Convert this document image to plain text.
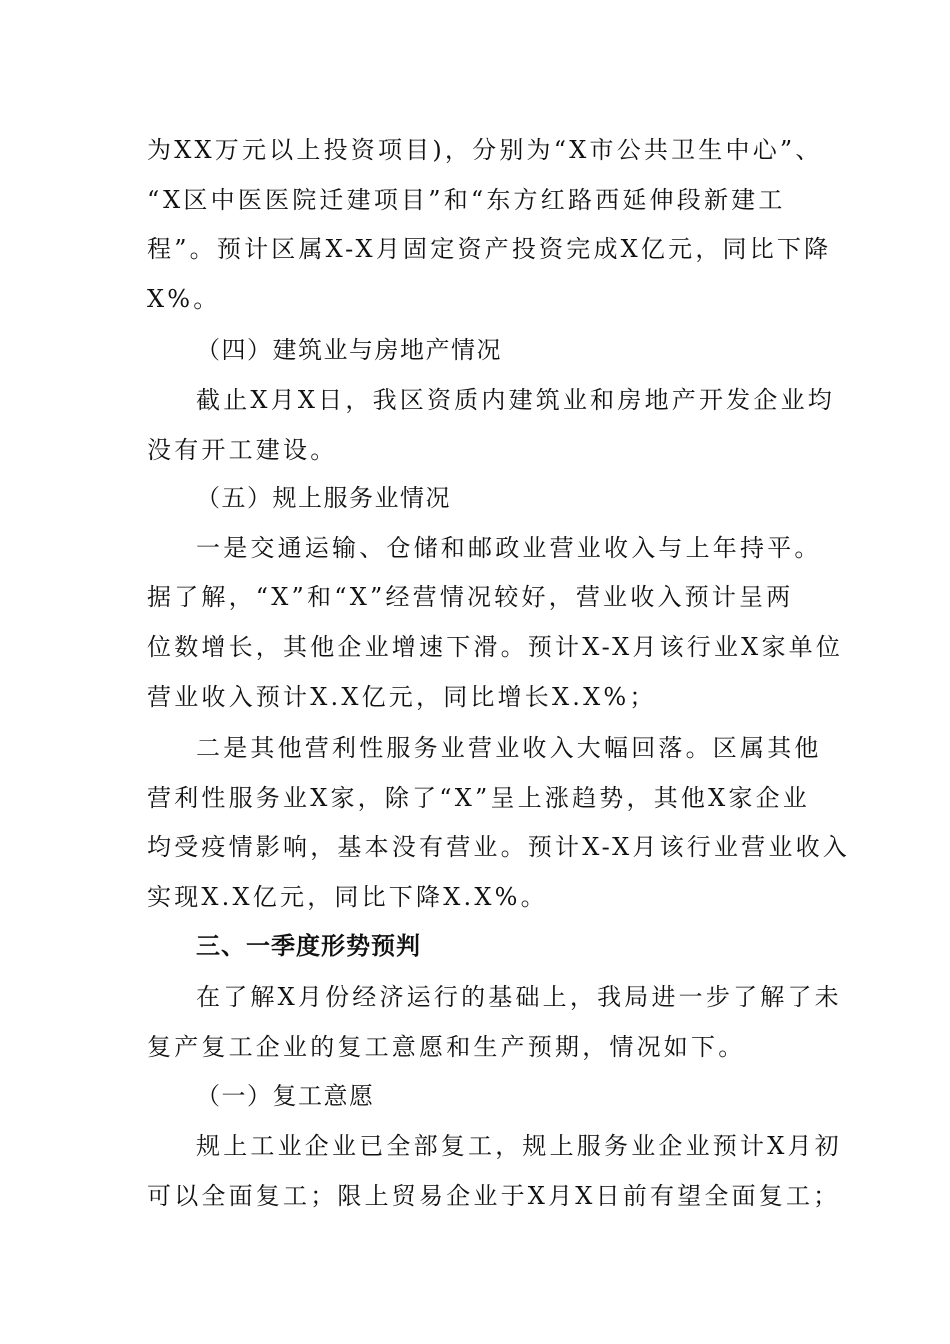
为XX万元以上投资项目)，分别为“X市公共卫生中心”、
“X区中医医院迁建项目”和“东方红路西延伸段新建工
程”。预计区属X-X月固定资产投资完成X亿元，同比下降
X%。
（四）建筑业与房地产情况
截止X月X日，我区资质内建筑业和房地产开发企业均
没有开工建设。
（五）规上服务业情况
一是交通运输、仓储和邮政业营业收入与上年持平。
据了解，“X”和“X”经营情况较好，营业收入预计呈两
位数增长，其他企业增速下滑。预计X-X月该行业X家单位
营业收入预计X.X亿元，同比增长X.X%；
二是其他营利性服务业营业收入大幅回落。区属其他
营利性服务业X家，除了“X”呈上涨趋势，其他X家企业
均受疫情影响，基本没有营业。预计X-X月该行业营业收入
实现X.X亿元，同比下降X.X%。
三、一季度形势预判
在了解X月份经济运行的基础上，我局进一步了解了未
复产复工企业的复工意愿和生产预期，情况如下。
（一）复工意愿
规上工业企业已全部复工，规上服务业企业预计X月初
可以全面复工；限上贸易企业于X月X日前有望全面复工；
